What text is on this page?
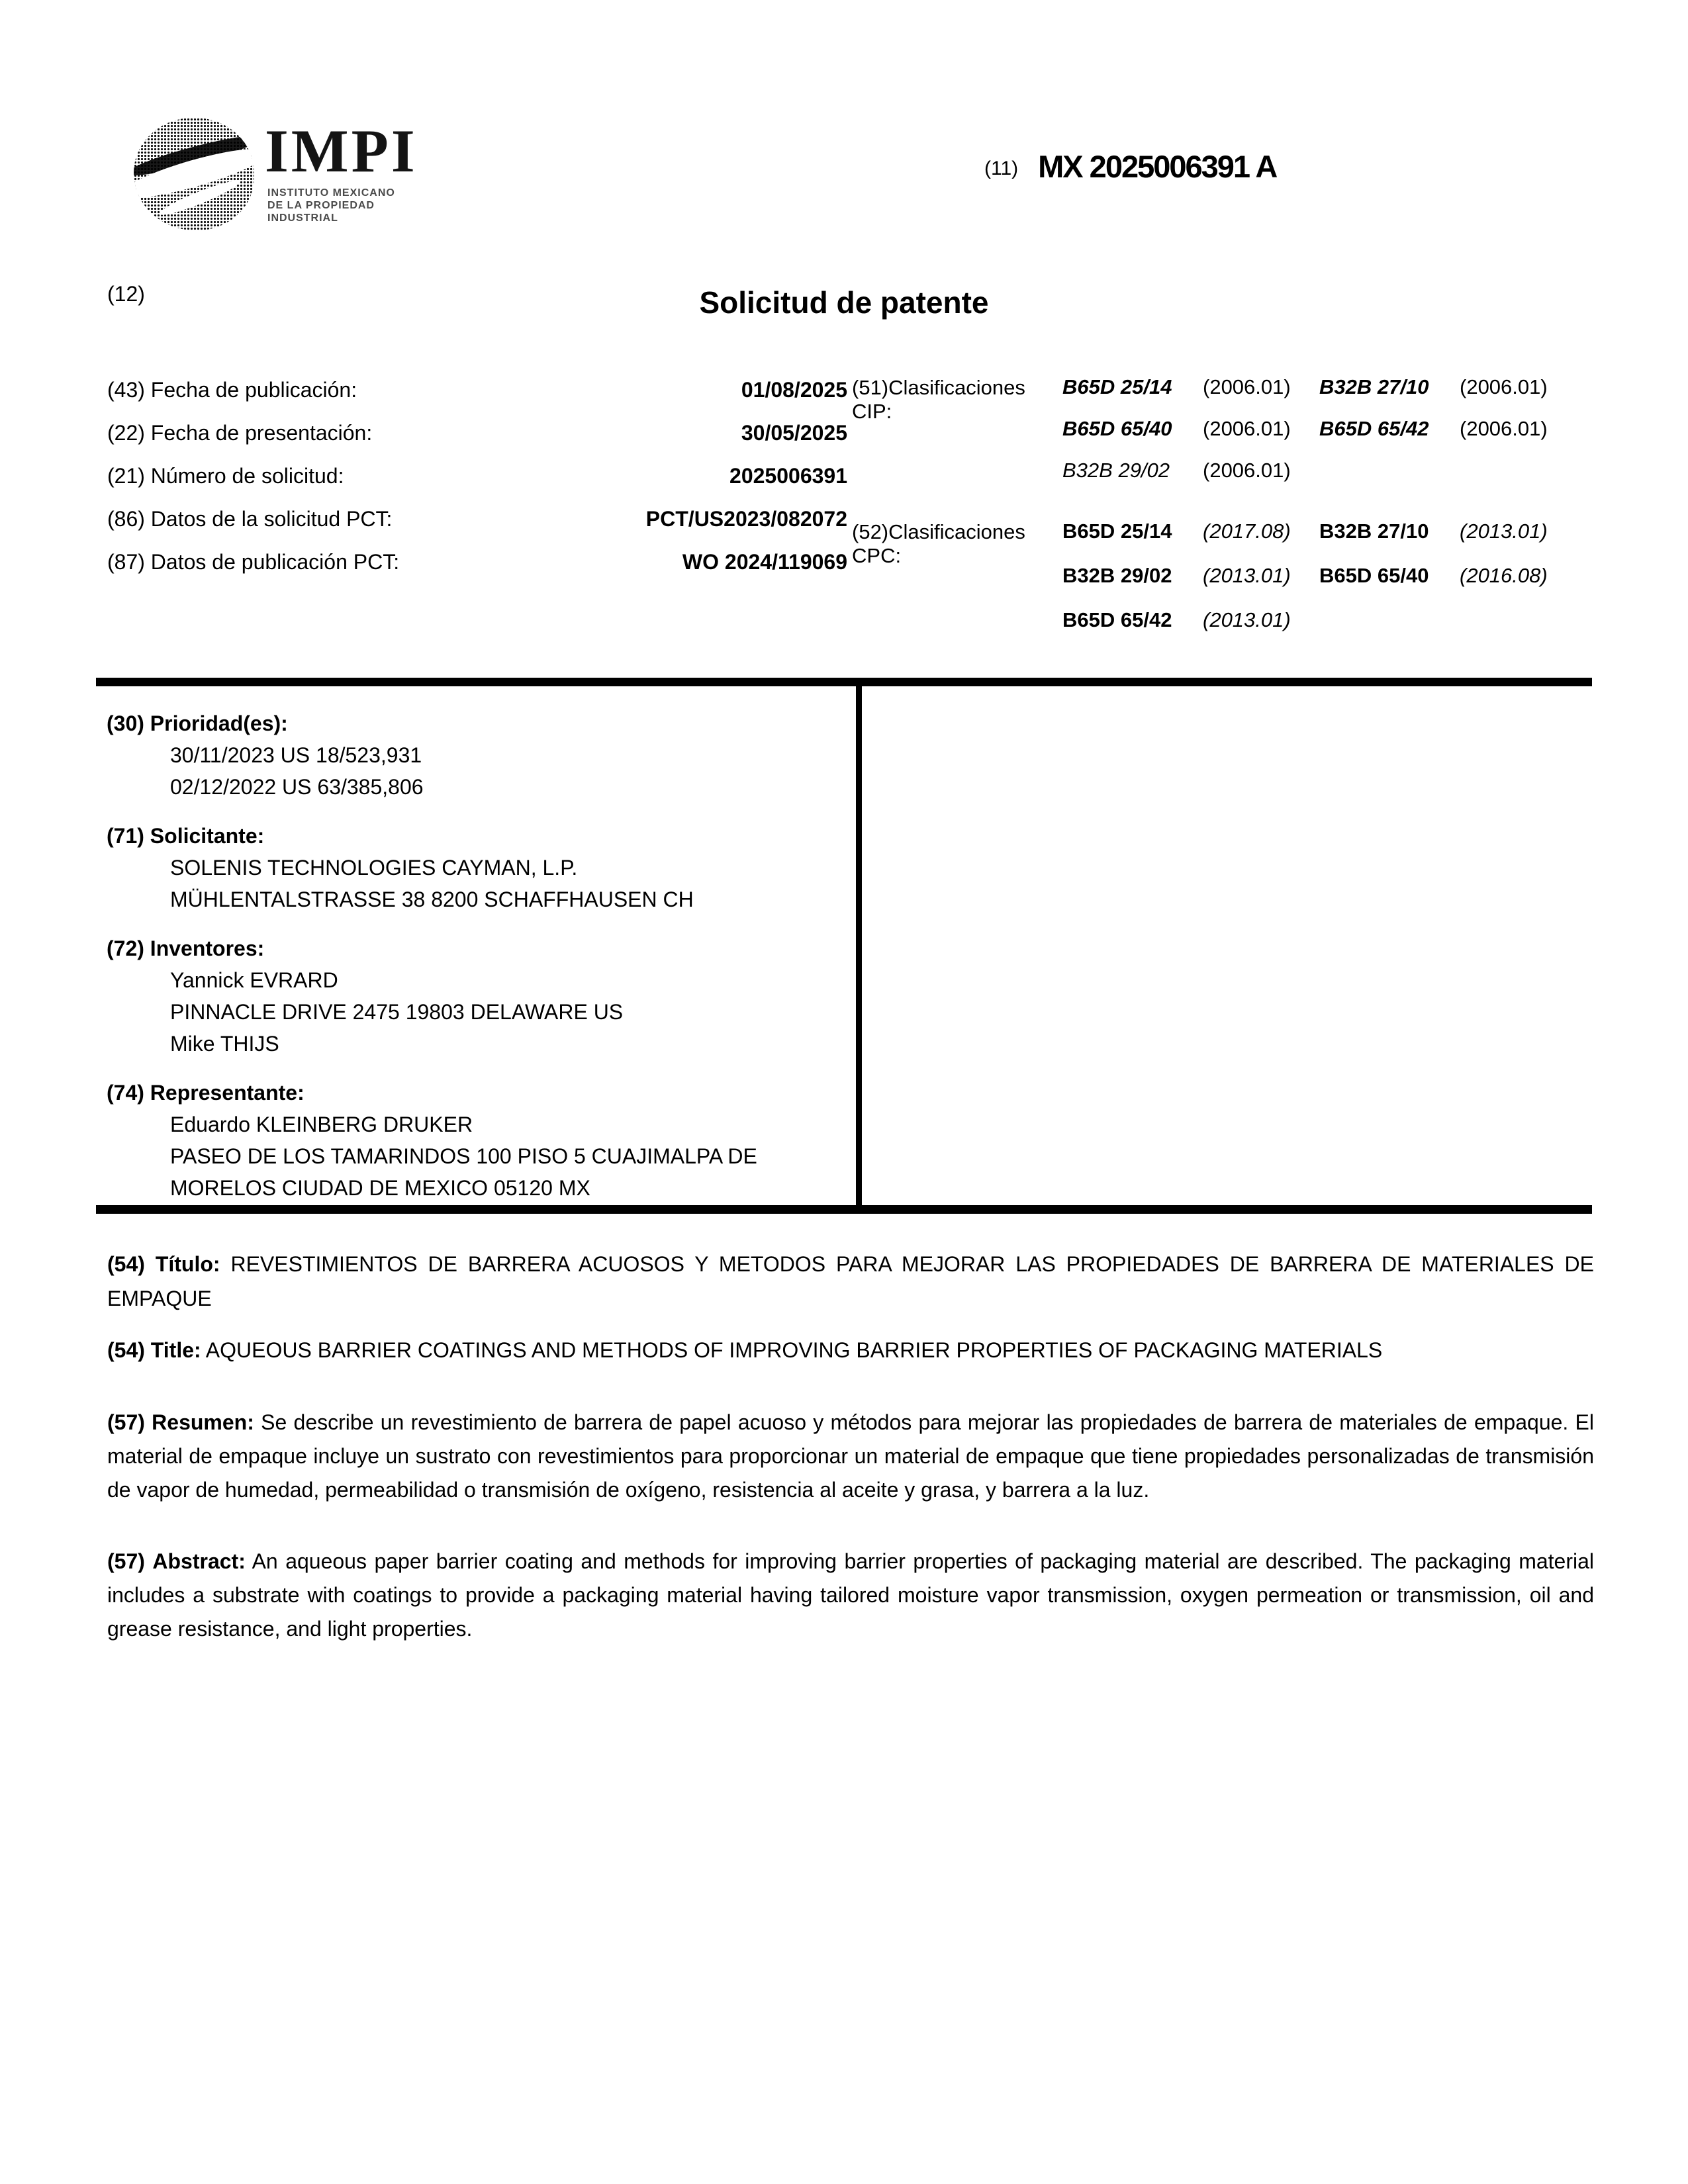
IMPI
INSTITUTO MEXICANO
DE LA PROPIEDAD
INDUSTRIAL
(11) MX 2025006391 A
(12)	Solicitud de patente
(43) Fecha de publicación:	01/08/2025
(22) Fecha de presentación:	30/05/2025
(21) Número de solicitud:	2025006391
(86) Datos de la solicitud PCT:	PCT/US2023/082072
(87) Datos de publicación PCT:	WO 2024/119069
(51)Clasificaciones
CIP:
B65D 25/14	(2006.01) B32B 27/10	(2006.01)
B65D 65/40	(2006.01) B65D 65/42	(2006.01)
B32B 29/02	(2006.01)
(52)Clasificaciones
CPC:
B65D 25/14	(2017.08) B32B 27/10	(2013.01)
B32B 29/02	(2013.01) B65D 65/40	(2016.08)
B65D 65/42	(2013.01)
(30) Prioridad(es):
30/11/2023 US 18/523,931
02/12/2022 US 63/385,806
(71) Solicitante:
SOLENIS TECHNOLOGIES CAYMAN, L.P.
MÜHLENTALSTRASSE 38 8200 SCHAFFHAUSEN CH
(72) Inventores:
Yannick EVRARD
PINNACLE DRIVE 2475 19803 DELAWARE US
Mike THIJS
(74) Representante:
Eduardo KLEINBERG DRUKER
PASEO DE LOS TAMARINDOS 100 PISO 5 CUAJIMALPA DE
MORELOS CIUDAD DE MEXICO 05120 MX
(54) Título: REVESTIMIENTOS DE BARRERA ACUOSOS Y METODOS PARA MEJORAR LAS PROPIEDADES DE BARRERA DE MATERIALES DE EMPAQUE
(54) Title: AQUEOUS BARRIER COATINGS AND METHODS OF IMPROVING BARRIER PROPERTIES OF PACKAGING MATERIALS
(57) Resumen: Se describe un revestimiento de barrera de papel acuoso y métodos para mejorar las propiedades de barrera de materiales de empaque. El material de empaque incluye un sustrato con revestimientos para proporcionar un material de empaque que tiene propiedades personalizadas de transmisión de vapor de humedad, permeabilidad o transmisión de oxígeno, resistencia al aceite y grasa, y barrera a la luz.
(57) Abstract: An aqueous paper barrier coating and methods for improving barrier properties of packaging material are described. The packaging material includes a substrate with coatings to provide a packaging material having tailored moisture vapor transmission, oxygen permeation or transmission, oil and grease resistance, and light properties.
